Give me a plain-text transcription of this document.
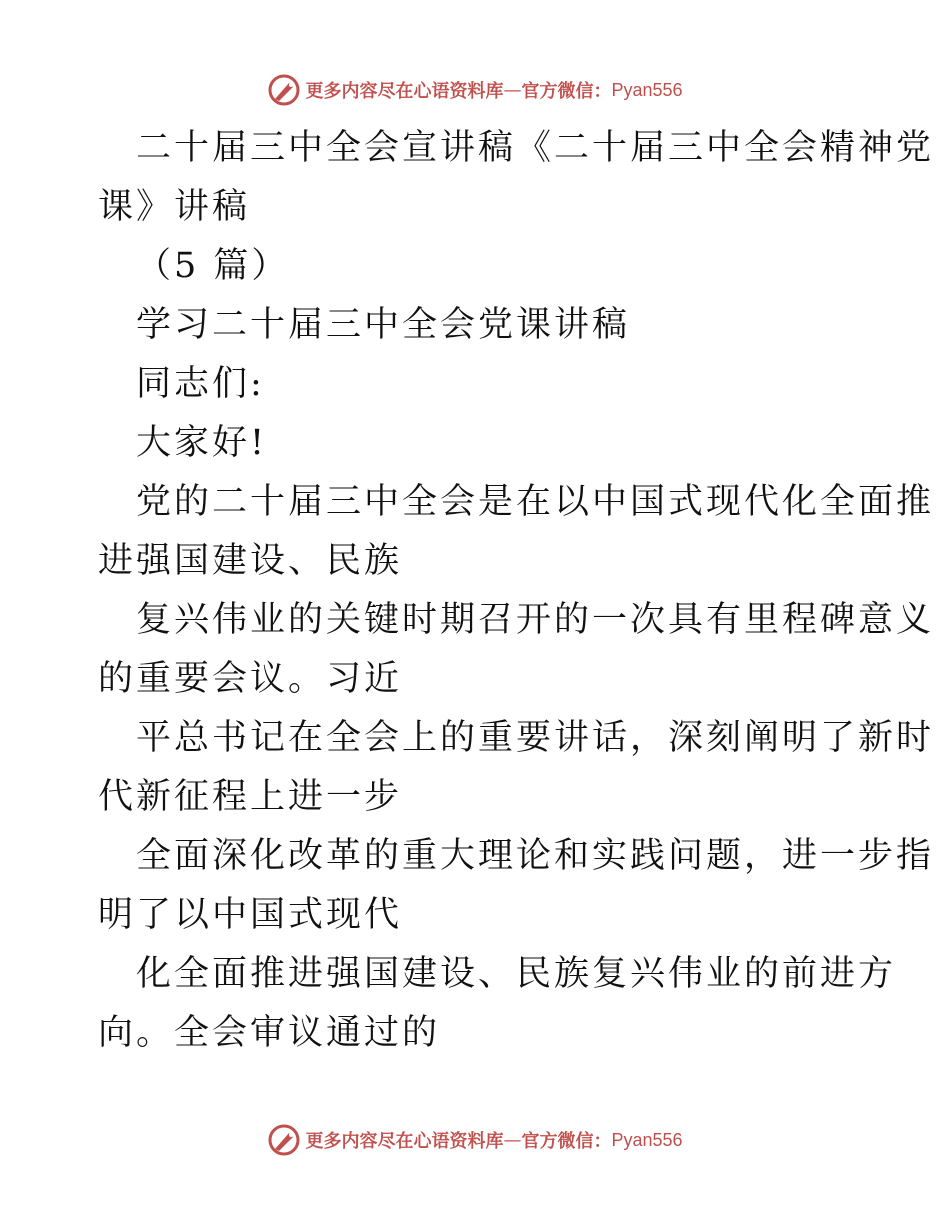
更多内容尽在心语资料库 — 官方微信： Pyan556
二十届三中全会宣讲稿《二十届三中全会精神党
课》讲稿
（5 篇）
学习二十届三中全会党课讲稿
同志们:
大家好!
党的二十届三中全会是在以中国式现代化全面推
进强国建设、民族
复兴伟业的关键时期召开的一次具有里程碑意义
的重要会议。习近
平总书记在全会上的重要讲话，深刻阐明了新时
代新征程上进一步
全面深化改革的重大理论和实践问题，进一步指
明了以中国式现代
化全面推进强国建设、民族复兴伟业的前进方
向。全会审议通过的
更多内容尽在心语资料库 — 官方微信： Pyan556
